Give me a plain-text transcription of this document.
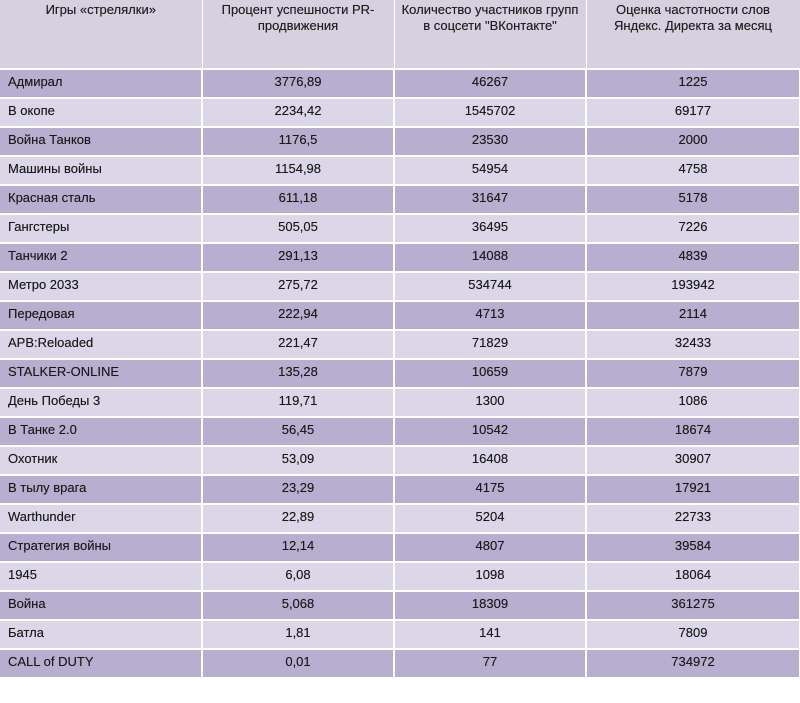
Игры «стрелялки»	Процент успешности PR-продвижения	Количество участников групп в соцсети "ВКонтакте"	Оценка частотности слов Яндекс. Директа за месяц
Адмирал	3776,89	46267	1225
В окопе	2234,42	1545702	69177
Война Танков	1176,5	23530	2000
Машины войны	1154,98	54954	4758
Красная сталь	611,18	31647	5178
Гангстеры	505,05	36495	7226
Танчики 2	291,13	14088	4839
Метро 2033	275,72	534744	193942
Передовая	222,94	4713	2114
APB:Reloaded	221,47	71829	32433
STALKER-ONLINE	135,28	10659	7879
День Победы 3	119,71	1300	1086
В Танке 2.0	56,45	10542	18674
Охотник	53,09	16408	30907
В тылу врага	23,29	4175	17921
Warthunder	22,89	5204	22733
Стратегия войны	12,14	4807	39584
1945	6,08	1098	18064
Война	5,068	18309	361275
Батла	1,81	141	7809
CALL of DUTY	0,01	77	734972
